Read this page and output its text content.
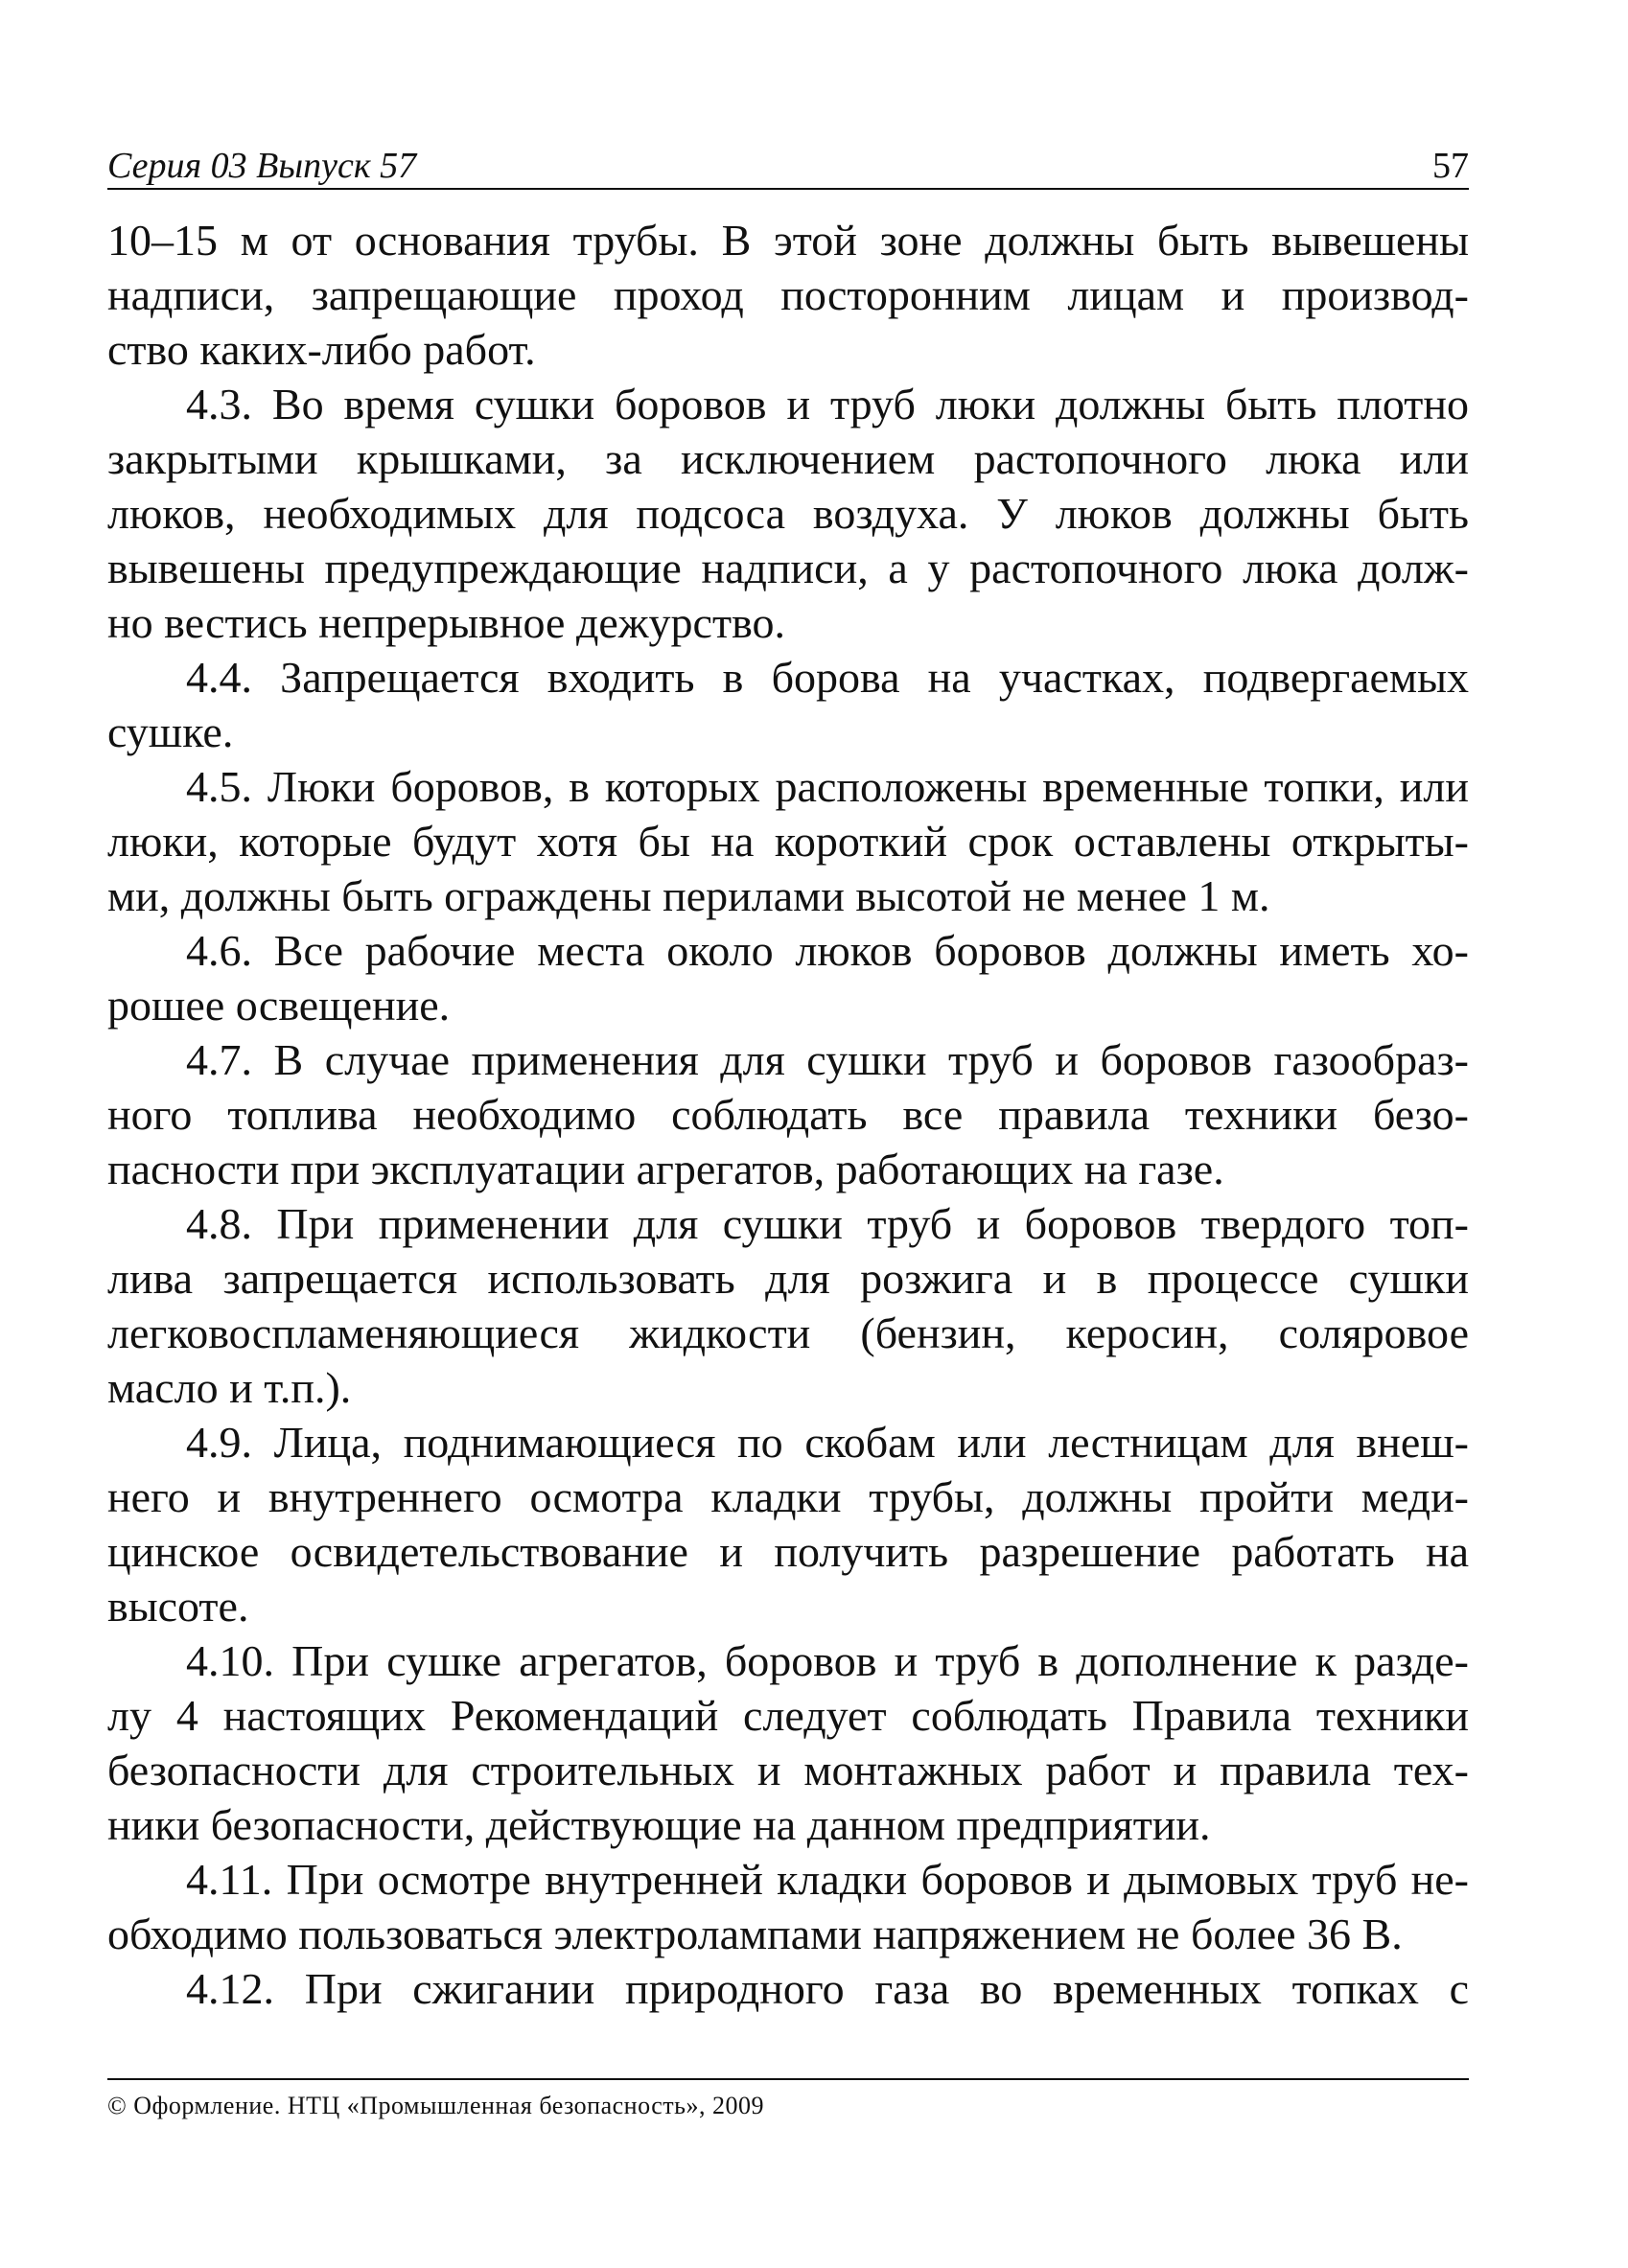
Серия 03 Выпуск 57	57
10–15 м от основания трубы. В этой зоне должны быть вывешены
надписи, запрещающие проход посторонним лицам и производ-
ство каких-либо работ.
4.3. Во время сушки боровов и труб люки должны быть плотно
закрытыми крышками, за исключением растопочного люка или
люков, необходимых для подсоса воздуха. У люков должны быть
вывешены предупреждающие надписи, а у растопочного люка долж-
но вестись непрерывное дежурство.
4.4. Запрещается входить в борова на участках, подвергаемых
сушке.
4.5. Люки боровов, в которых расположены временные топки, или
люки, которые будут хотя бы на короткий срок оставлены открыты-
ми, должны быть ограждены перилами высотой не менее 1 м.
4.6. Все рабочие места около люков боровов должны иметь хо-
рошее освещение.
4.7. В случае применения для сушки труб и боровов газообраз-
ного топлива необходимо соблюдать все правила техники безо-
пасности при эксплуатации агрегатов, работающих на газе.
4.8. При применении для сушки труб и боровов твердого топ-
лива запрещается использовать для розжига и в процессе сушки
легковоспламеняющиеся жидкости (бензин, керосин, соляровое
масло и т.п.).
4.9. Лица, поднимающиеся по скобам или лестницам для внеш-
него и внутреннего осмотра кладки трубы, должны пройти меди-
цинское освидетельствование и получить разрешение работать на
высоте.
4.10. При сушке агрегатов, боровов и труб в дополнение к разде-
лу 4 настоящих Рекомендаций следует соблюдать Правила техники
безопасности для строительных и монтажных работ и правила тех-
ники безопасности, действующие на данном предприятии.
4.11. При осмотре внутренней кладки боровов и дымовых труб не-
обходимо пользоваться электролампами напряжением не более 36 В.
4.12. При сжигании природного газа во временных топках с
© Оформление. НТЦ «Промышленная безопасность», 2009
